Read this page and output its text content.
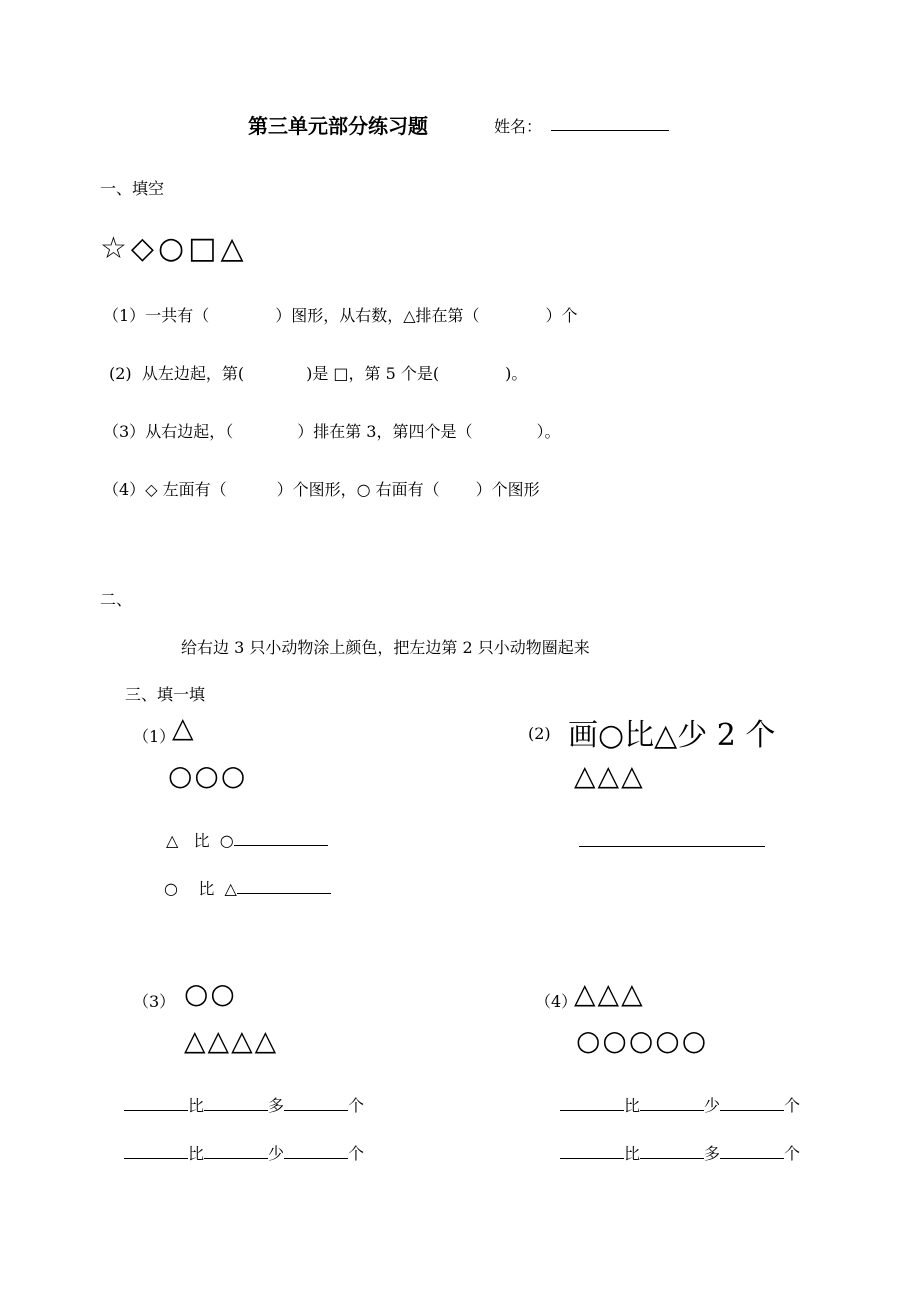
第三单元部分练习题	姓名：
一、填空
☆◇○□△
（1）一共有（	）图形，从右数，△排在第（	）个
(2) 从左边起，第(	)是 □，第 5 个是(	)。
（3）从右边起，（	）排在第 3，第四个是（	）。
（4）◇ 左面有（	）个图形，○ 右面有（ ）个图形
二、
给右边 3 只小动物涂上颜色，把左边第 2 只小动物圈起来
三、填一填
（1）
△
○○○
△ 比 ○
○ 比 △
(2) 画○比△少 2 个
△△△
（3） ○○
△△△△
比	多	个
比	少	个
（4）
△△△
○○○○○
比	少	个
比	多	个
